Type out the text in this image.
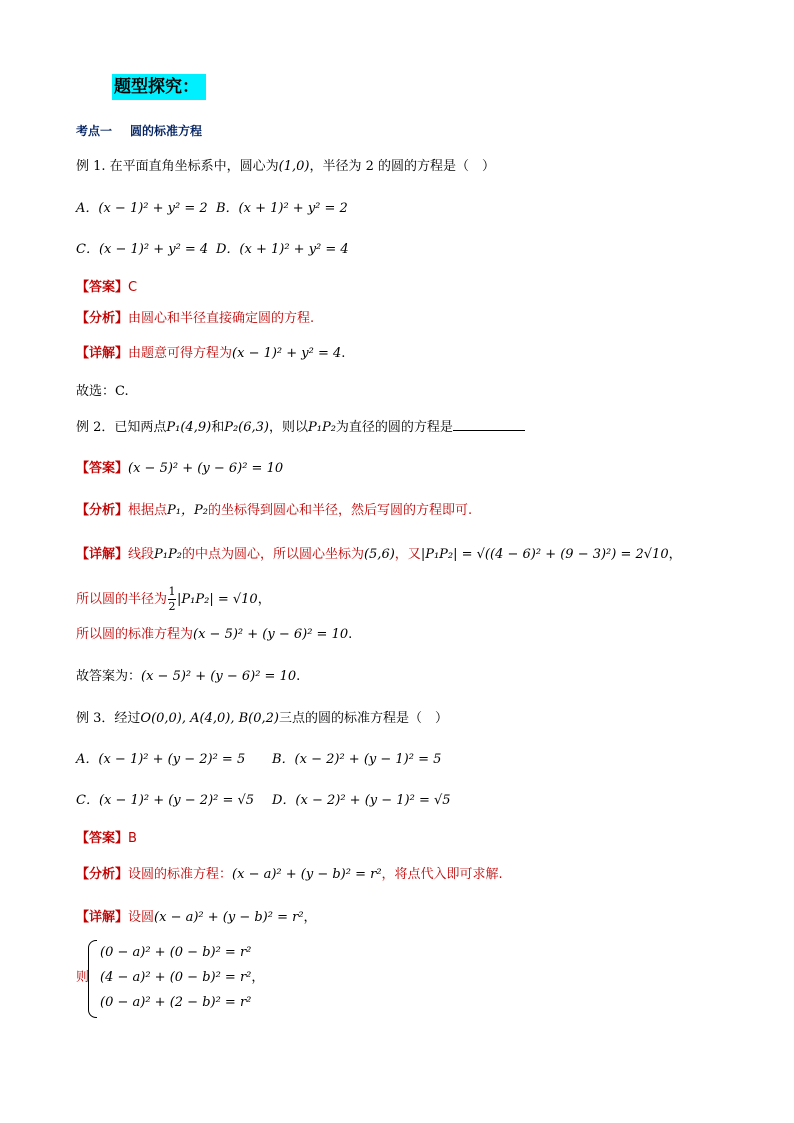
题型探究：
考点一 圆的标准方程
例 1. 在平面直角坐标系中，圆心为(1,0)，半径为 2 的圆的方程是（　）
A．(x − 1)² + y² = 2 B．(x + 1)² + y² = 2
C．(x − 1)² + y² = 4 D．(x + 1)² + y² = 4
【答案】C
【分析】由圆心和半径直接确定圆的方程.
【详解】由题意可得方程为(x − 1)² + y² = 4.
故选：C.
例 2．已知两点P₁(4,9)和P₂(6,3)，则以P₁P₂为直径的圆的方程是
【答案】(x − 5)² + (y − 6)² = 10
【分析】根据点P₁，P₂的坐标得到圆心和半径，然后写圆的方程即可.
【详解】线段P₁P₂的中点为圆心，所以圆心坐标为(5,6)，又|P₁P₂| = √((4 − 6)² + (9 − 3)²) = 2√10，
所以圆的半径为 $\frac{1}{2} |P_1P_2| = √10$，
所以圆的标准方程为(x − 5)² + (y − 6)² = 10.
故答案为：(x − 5)² + (y − 6)² = 10.
例 3．经过O(0,0), A(4,0), B(0,2)三点的圆的标准方程是（　）
A．(x − 1)² + (y − 2)² = 5 B．(x − 2)² + (y − 1)² = 5
C．(x − 1)² + (y − 2)² = √5 D．(x − 2)² + (y − 1)² = √5
【答案】B
【分析】设圆的标准方程：(x − a)² + (y − b)² = r²，将点代入即可求解.
【详解】设圆(x − a)² + (y − b)² = r²，
则
(0 − a)² + (0 − b)² = r²
(4 − a)² + (0 − b)² = r²，
(0 − a)² + (2 − b)² = r²
